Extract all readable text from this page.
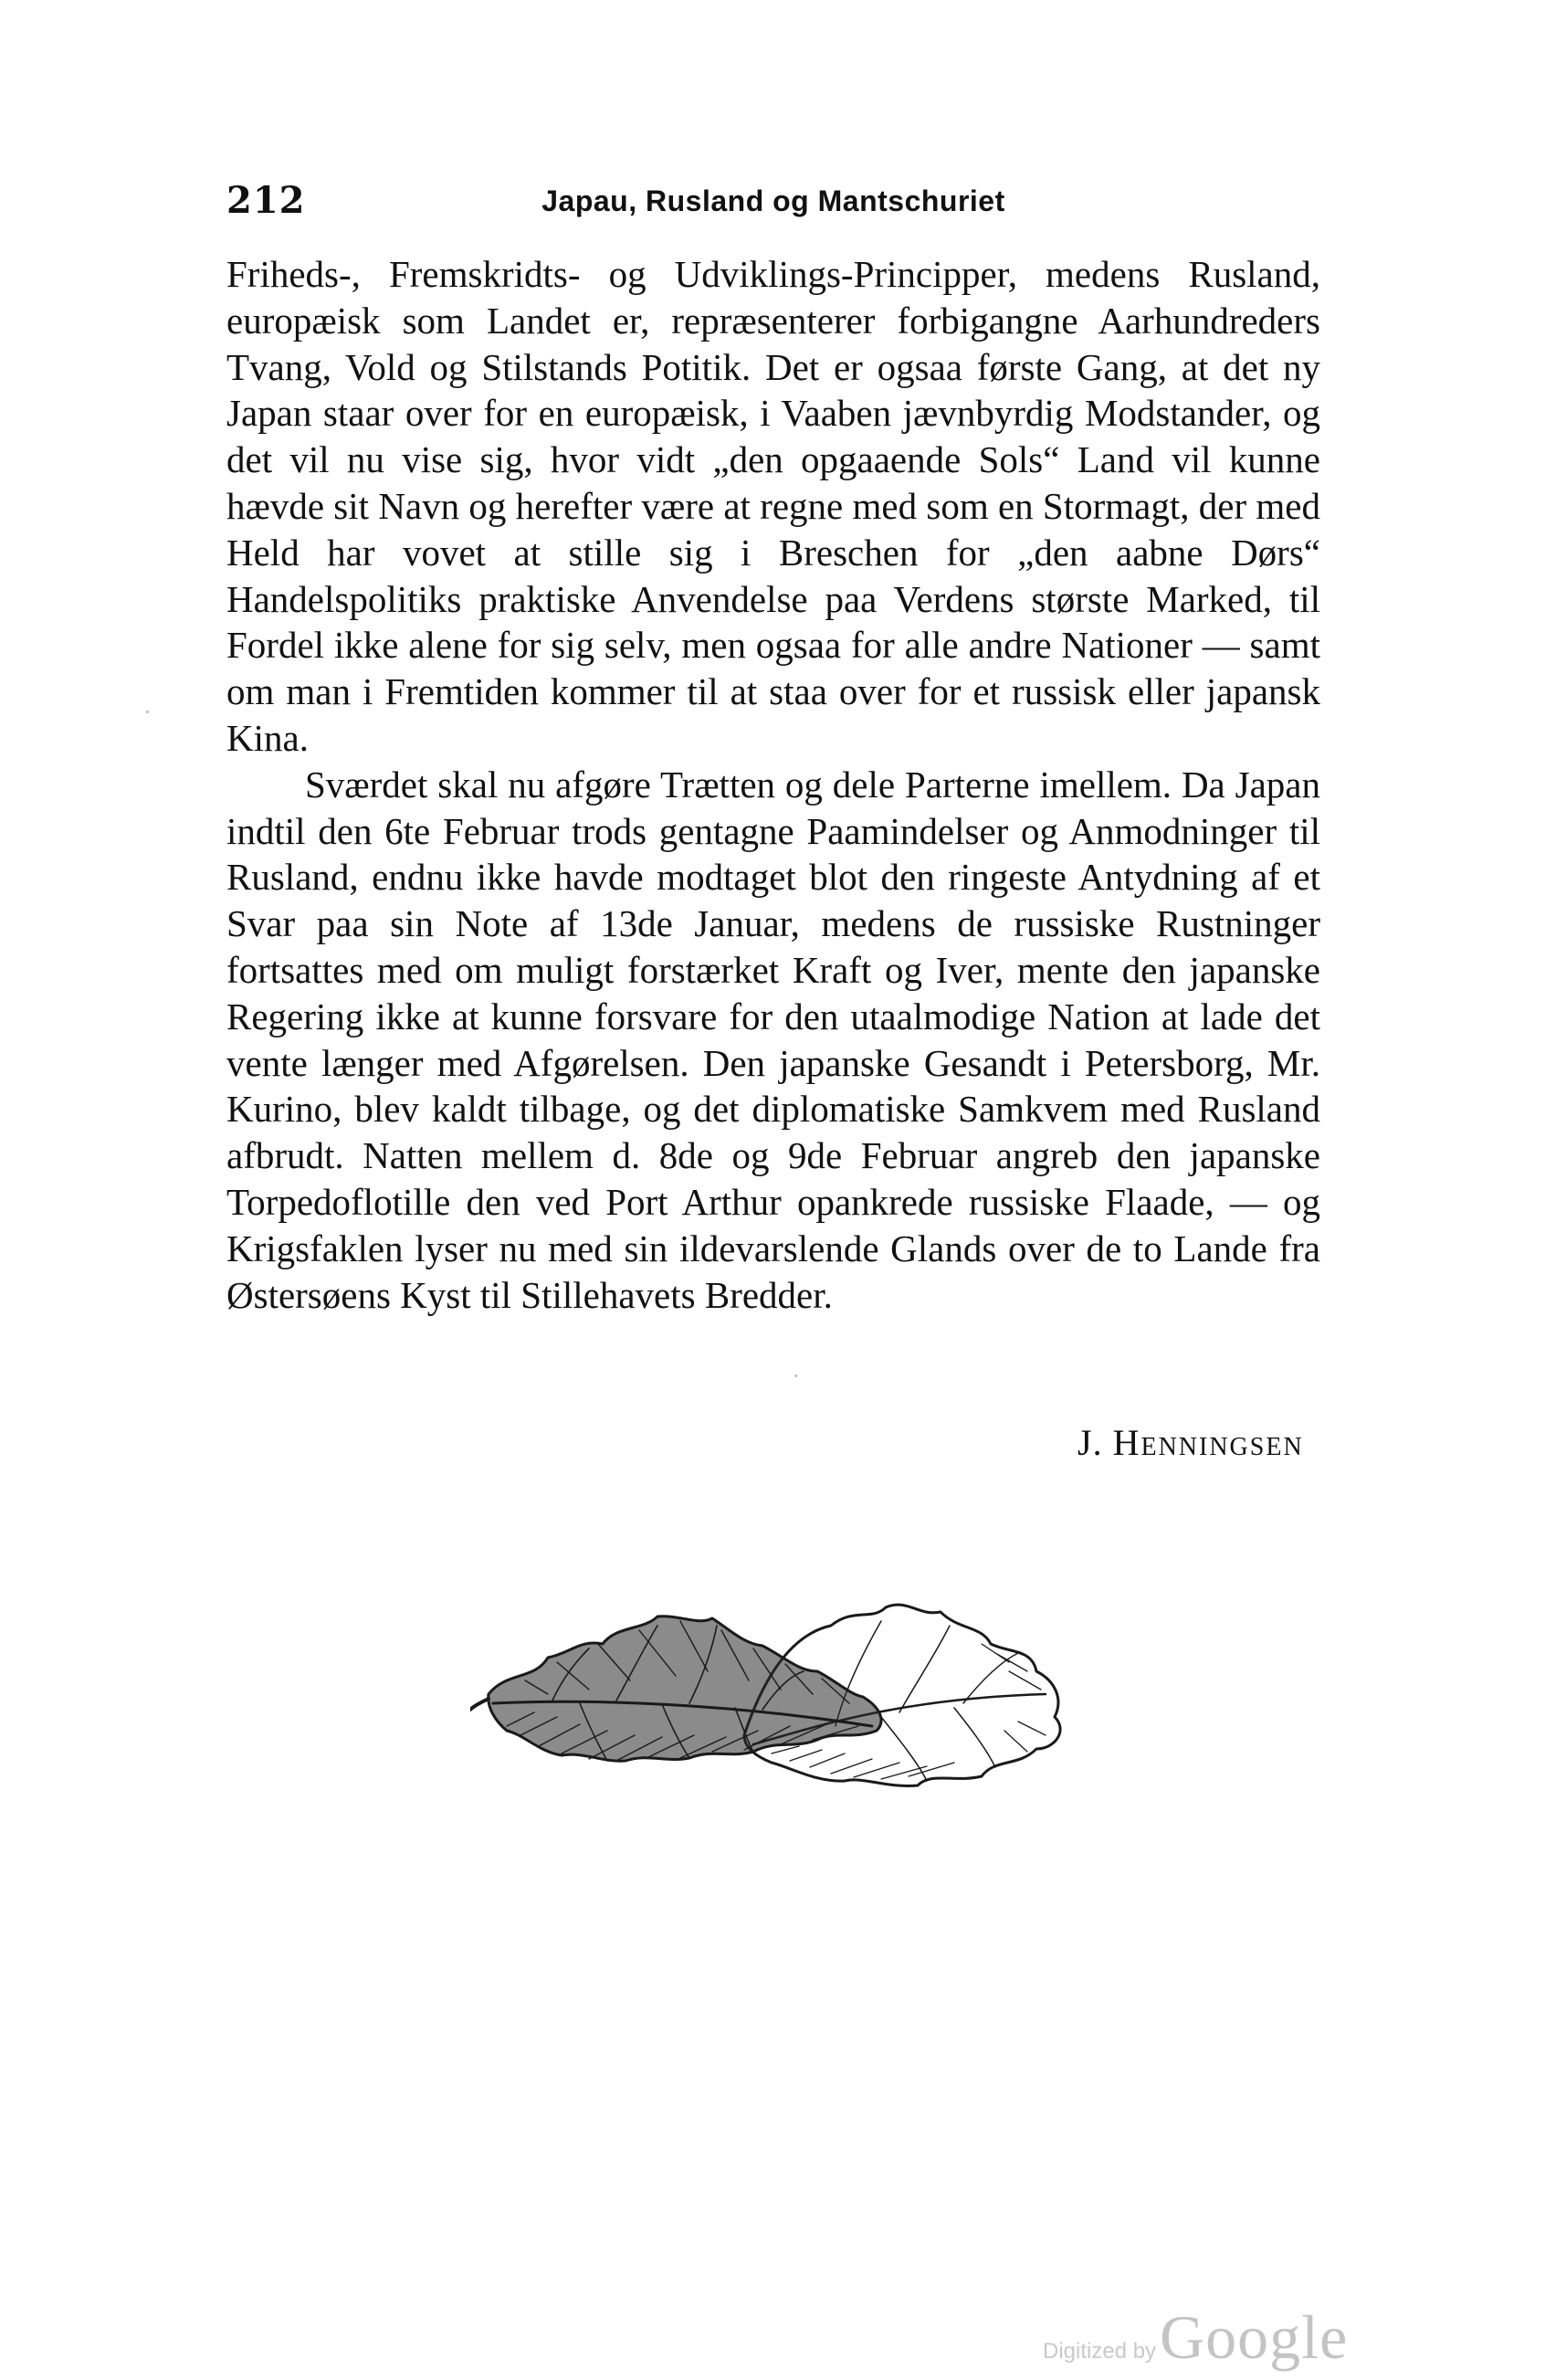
212	Japau, Rusland og Mantschuriet

Friheds-, Fremskridts- og Udviklings-Principper, medens Rusland, europæisk som Landet er, repræsenterer forbigangne Aarhundreders Tvang, Vold og Stilstands Potitik. Det er ogsaa første Gang, at det ny Japan staar over for en europæisk, i Vaaben jævnbyrdig Modstander, og det vil nu vise sig, hvor vidt „den opgaaende Sols“ Land vil kunne hævde sit Navn og herefter være at regne med som en Stormagt, der med Held har vovet at stille sig i Breschen for „den aabne Dørs“ Handelspolitiks praktiske Anvendelse paa Verdens største Marked, til Fordel ikke alene for sig selv, men ogsaa for alle andre Nationer — samt om man i Fremtiden kommer til at staa over for et russisk eller japansk Kina.

Sværdet skal nu afgøre Trætten og dele Parterne imellem. Da Japan indtil den 6te Februar trods gentagne Paamindelser og Anmodninger til Rusland, endnu ikke havde modtaget blot den ringeste Antydning af et Svar paa sin Note af 13de Januar, medens de russiske Rustninger fortsattes med om muligt forstærket Kraft og Iver, mente den japanske Regering ikke at kunne forsvare for den utaalmodige Nation at lade det vente længer med Afgørelsen. Den japanske Gesandt i Petersborg, Mr. Kurino, blev kaldt tilbage, og det diplomatiske Samkvem med Rusland afbrudt. Natten mellem d. 8de og 9de Februar angreb den japanske Torpedoflotille den ved Port Arthur opankrede russiske Flaade, — og Krigsfaklen lyser nu med sin ildevarslende Glands over de to Lande fra Østersøens Kyst til Stillehavets Bredder.

J. Henningsen
Digitized by Google
